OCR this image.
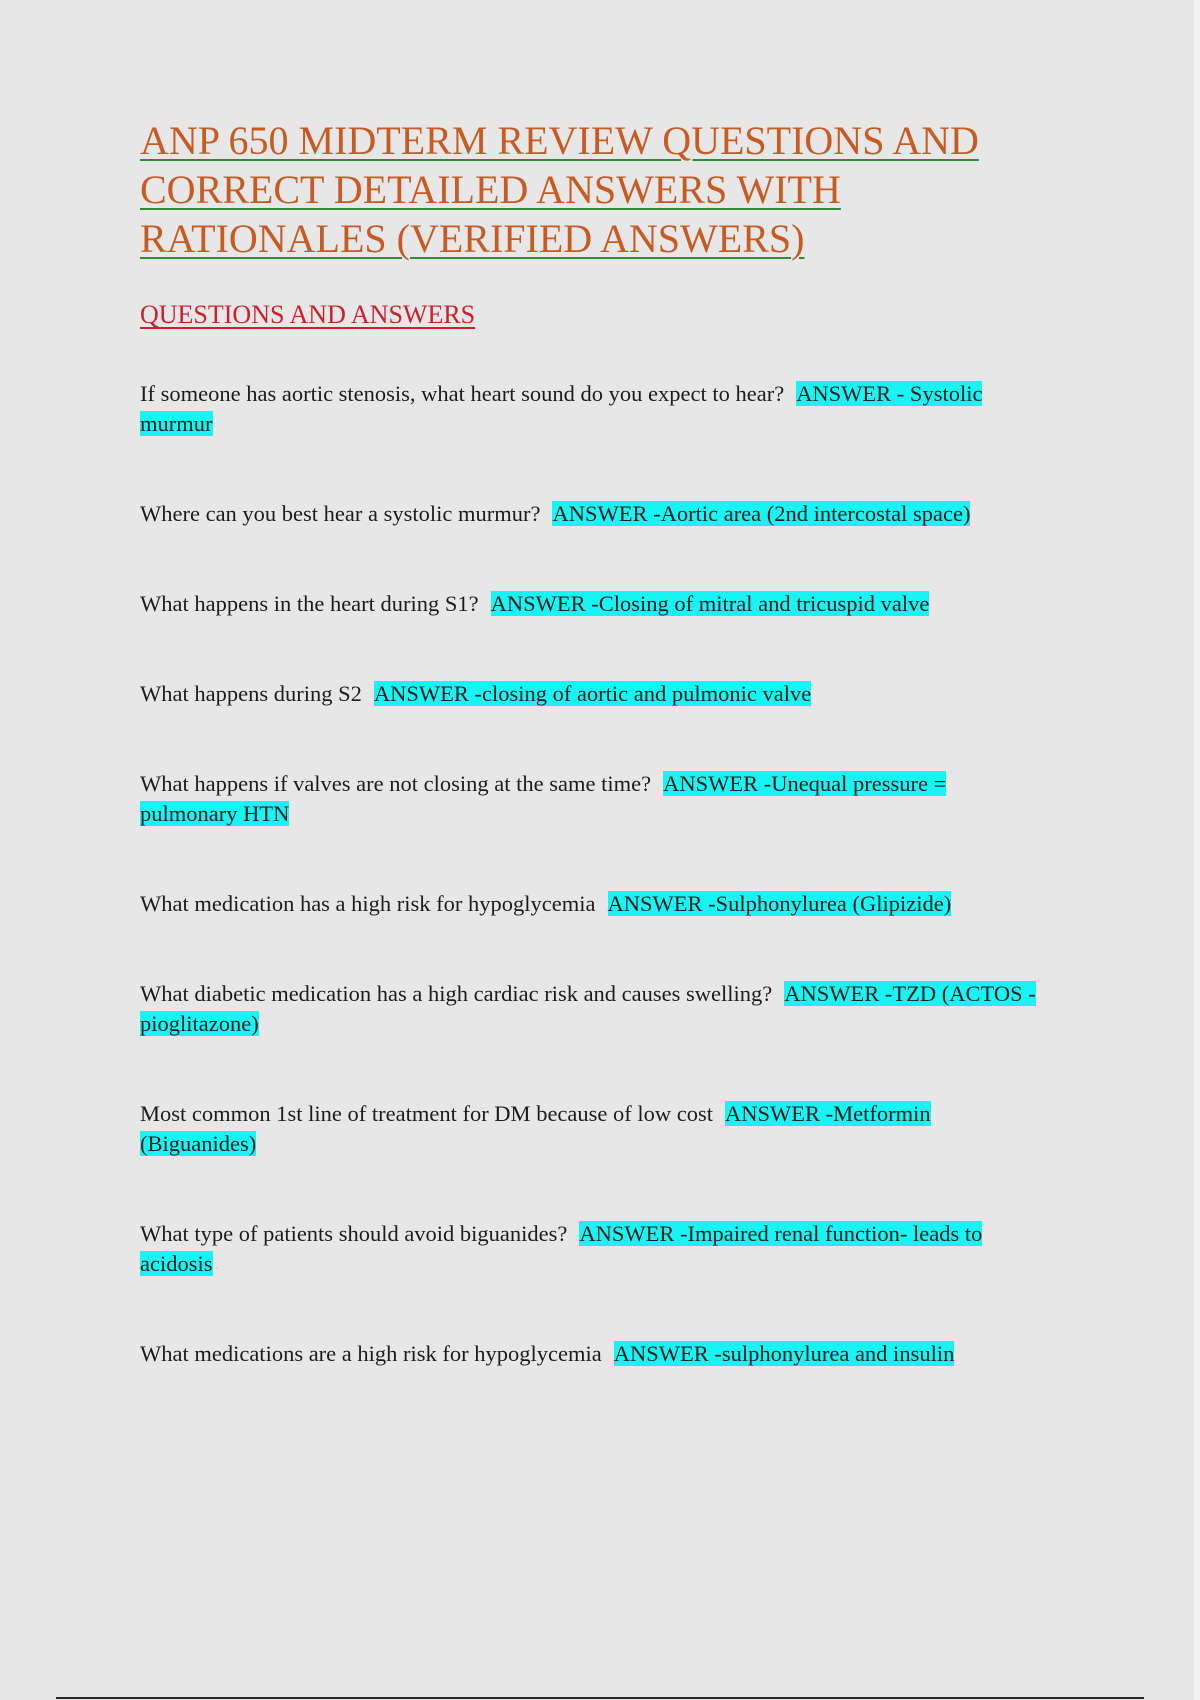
ANP 650 MIDTERM REVIEW QUESTIONS AND CORRECT DETAILED ANSWERS WITH RATIONALES (VERIFIED ANSWERS)
QUESTIONS AND ANSWERS
If someone has aortic stenosis, what heart sound do you expect to hear? ANSWER - Systolic murmur
Where can you best hear a systolic murmur? ANSWER -Aortic area (2nd intercostal space)
What happens in the heart during S1? ANSWER -Closing of mitral and tricuspid valve
What happens during S2 ANSWER -closing of aortic and pulmonic valve
What happens if valves are not closing at the same time? ANSWER -Unequal pressure = pulmonary HTN
What medication has a high risk for hypoglycemia ANSWER -Sulphonylurea (Glipizide)
What diabetic medication has a high cardiac risk and causes swelling? ANSWER -TZD (ACTOS - pioglitazone)
Most common 1st line of treatment for DM because of low cost ANSWER -Metformin (Biguanides)
What type of patients should avoid biguanides? ANSWER -Impaired renal function- leads to acidosis
What medications are a high risk for hypoglycemia ANSWER -sulphonylurea and insulin
